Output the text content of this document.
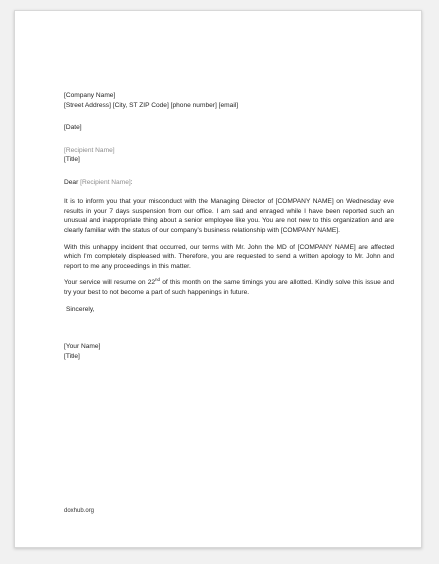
[Company Name]
[Street Address] [City, ST ZIP Code] [phone number] [email]
[Date]
[Recipient Name]
[Title]
Dear [Recipient Name]:

It is to inform you that your misconduct with the Managing Director of [COMPANY NAME] on Wednesday eve results in your 7 days suspension from our office. I am sad and enraged while I have been reported such an unusual and inappropriate thing about a senior employee like you. You are not new to this organization and are clearly familiar with the status of our company’s business relationship with [COMPANY NAME].

With this unhappy incident that occurred, our terms with Mr. John the MD of [COMPANY NAME] are affected which I’m completely displeased with. Therefore, you are requested to send a written apology to Mr. John and report to me any proceedings in this matter.

Your service will resume on 22nd of this month on the same timings you are allotted. Kindly solve this issue and try your best to not become a part of such happenings in future.

Sincerely,
[Your Name]
[Title]
doxhub.org
